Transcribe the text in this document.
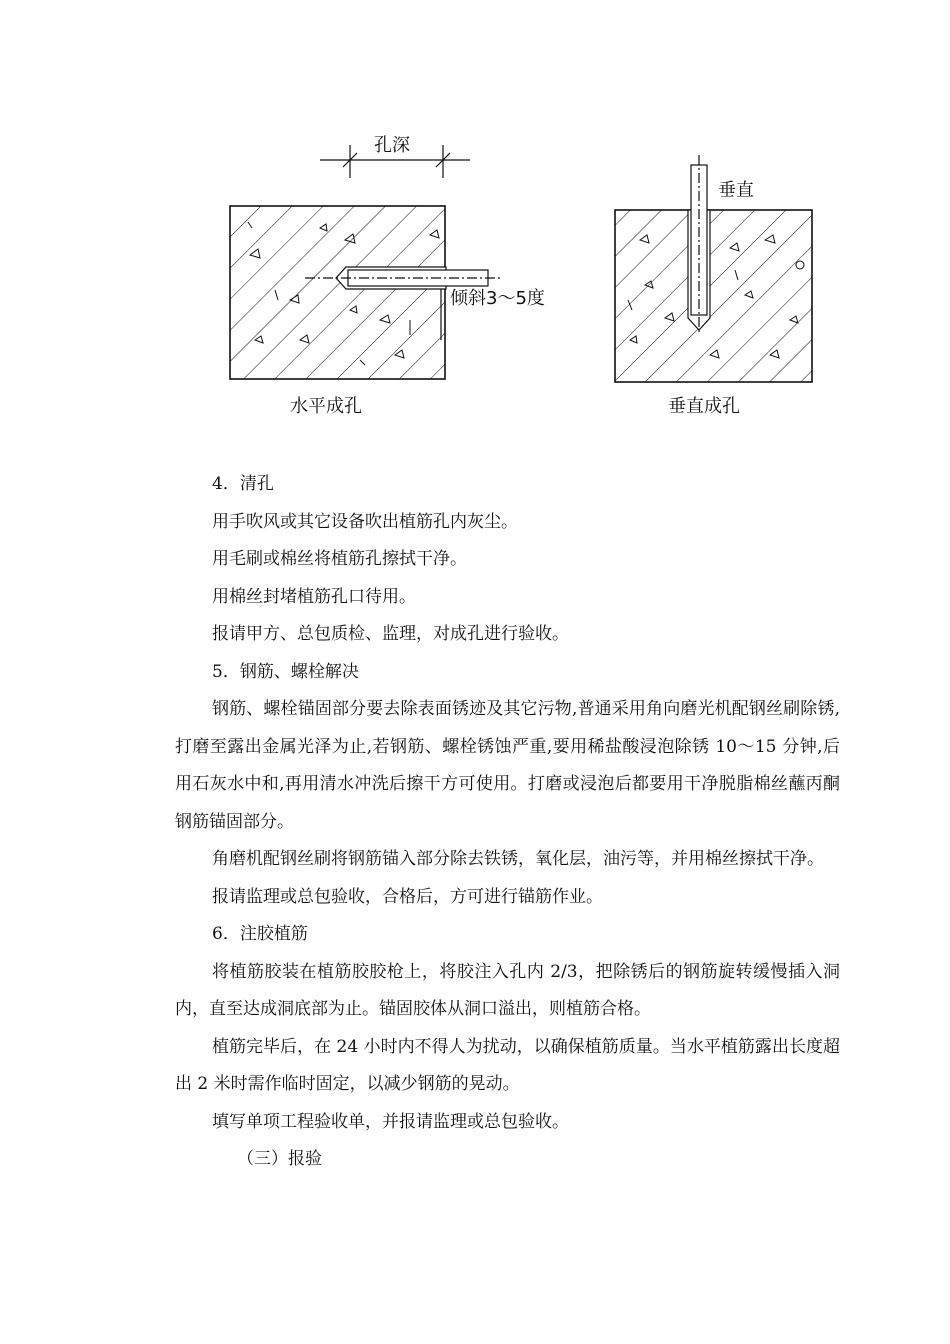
孔深
倾斜3～5度
水平成孔
垂直
垂直成孔

4．清孔

用手吹风或其它设备吹出植筋孔内灰尘。

用毛刷或棉丝将植筋孔擦拭干净。

用棉丝封堵植筋孔口待用。

报请甲方、总包质检、监理，对成孔进行验收。

5．钢筋、螺栓解决

钢筋、螺栓锚固部分要去除表面锈迹及其它污物,普通采用角向磨光机配钢丝刷除锈,打磨至露出金属光泽为止,若钢筋、螺栓锈蚀严重,要用稀盐酸浸泡除锈 10～15 分钟,后用石灰水中和,再用清水冲洗后擦干方可使用。打磨或浸泡后都要用干净脱脂棉丝蘸丙酮钢筋锚固部分。

角磨机配钢丝刷将钢筋锚入部分除去铁锈，氧化层，油污等，并用棉丝擦拭干净。

报请监理或总包验收，合格后，方可进行锚筋作业。

6．注胶植筋

将植筋胶装在植筋胶胶枪上，将胶注入孔内 2/3，把除锈后的钢筋旋转缓慢插入洞内，直至达成洞底部为止。锚固胶体从洞口溢出，则植筋合格。

植筋完毕后，在 24 小时内不得人为扰动，以确保植筋质量。当水平植筋露出长度超出 2 米时需作临时固定，以减少钢筋的晃动。

填写单项工程验收单，并报请监理或总包验收。

（三）报验
